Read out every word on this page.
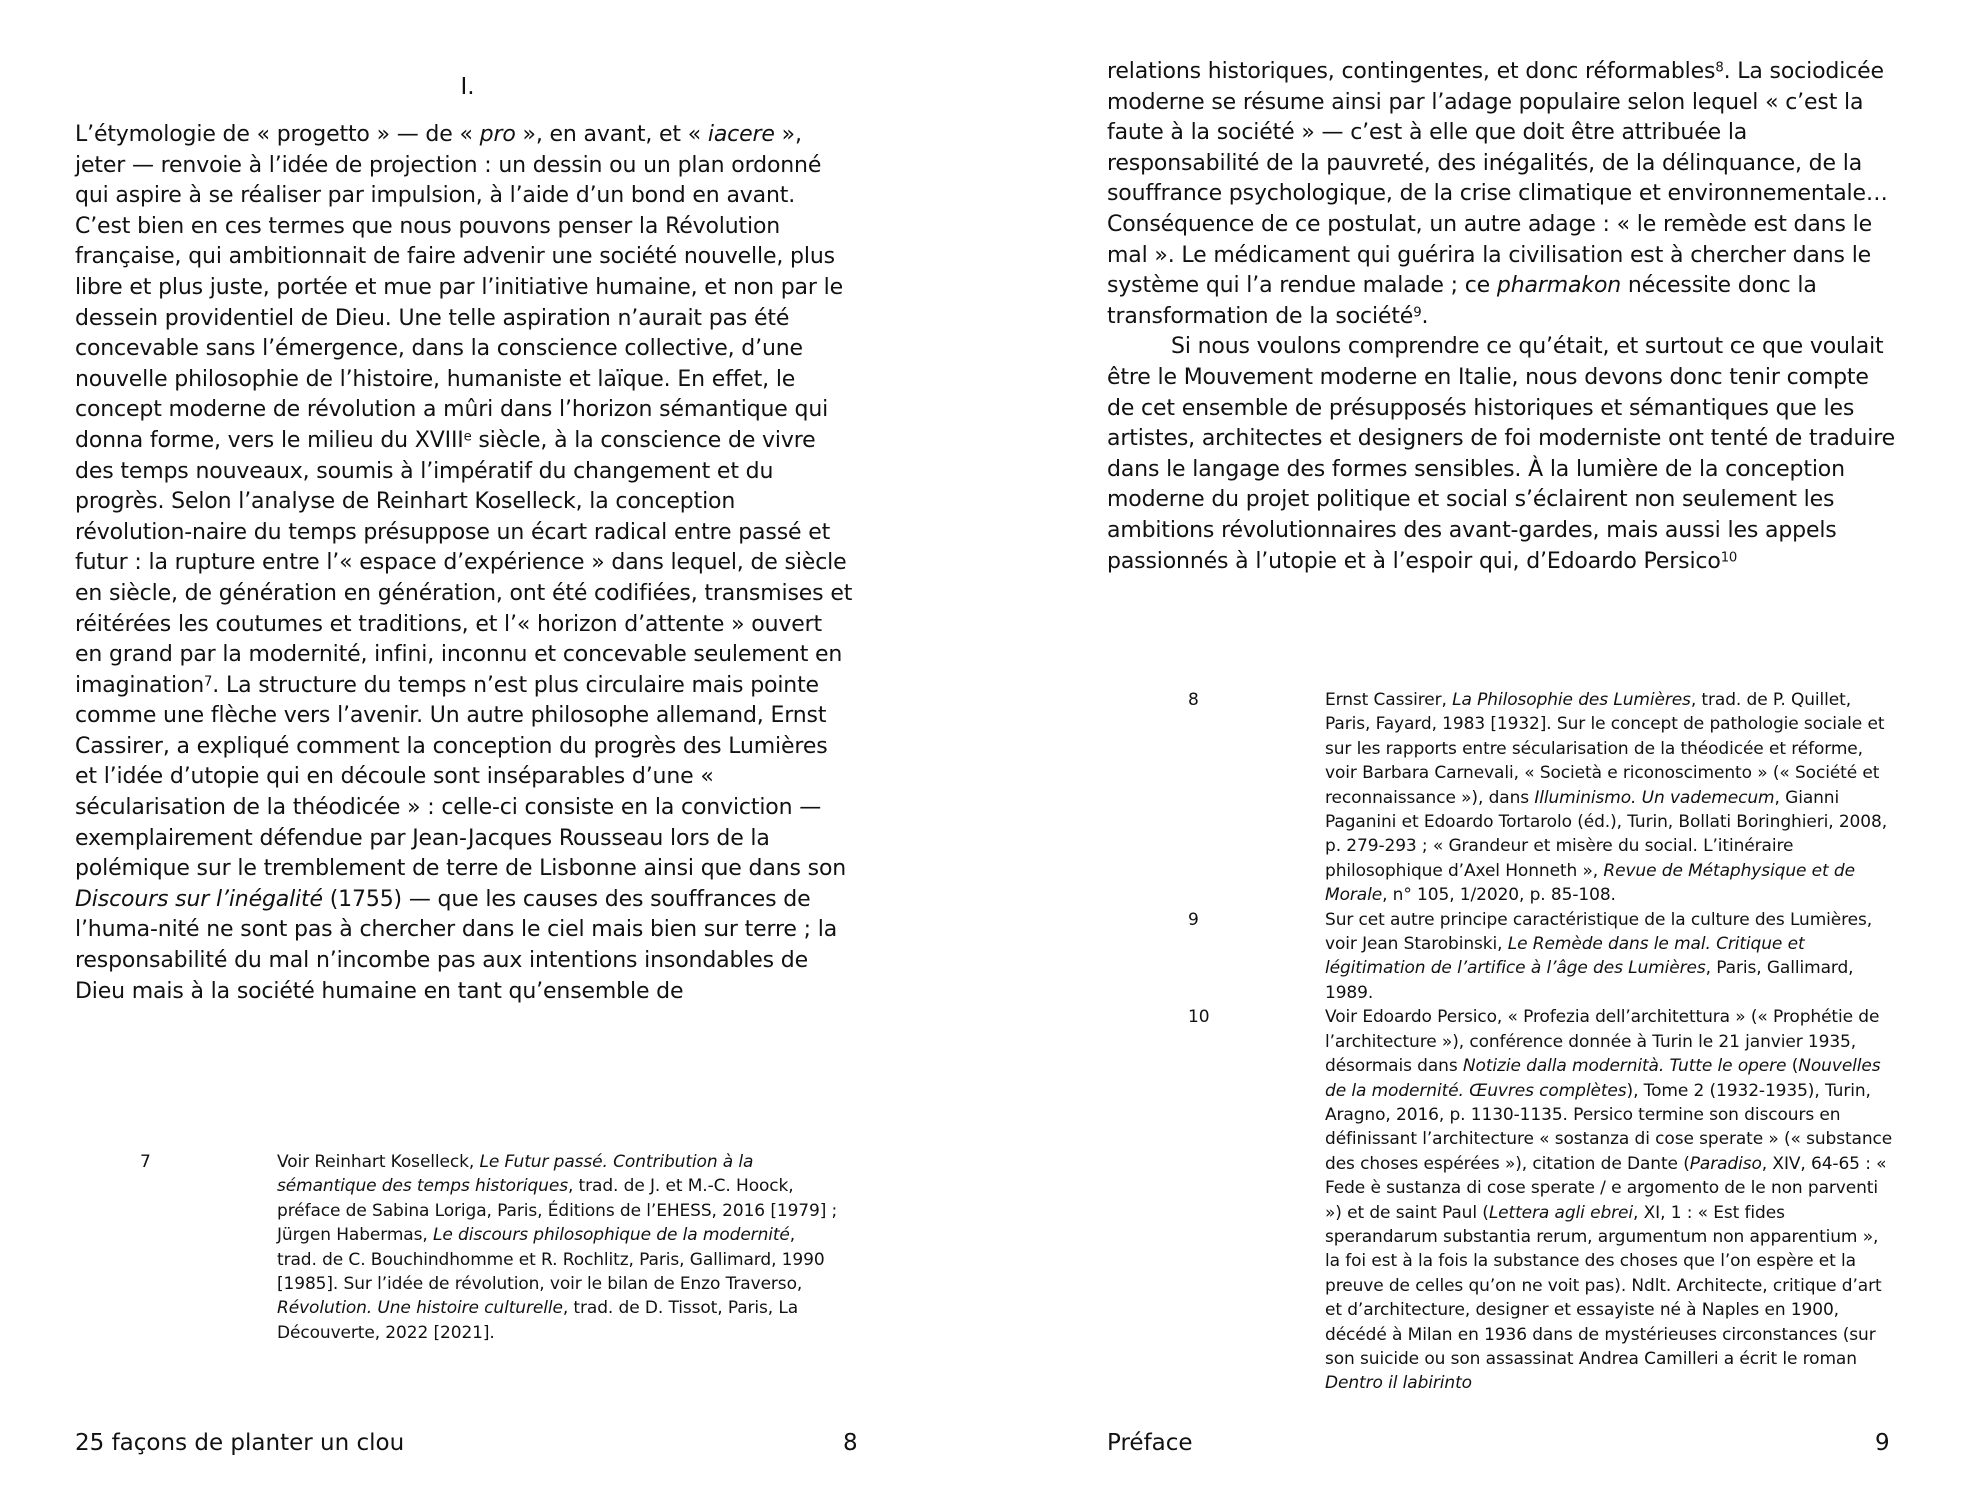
I.

L’étymologie de « progetto » — de « pro », en avant, et « iacere », jeter — renvoie à l’idée de projection : un dessin ou un plan ordonné qui aspire à se réaliser par impulsion, à l’aide d’un bond en avant. C’est bien en ces termes que nous pouvons penser la Révolution française, qui ambitionnait de faire advenir une société nouvelle, plus libre et plus juste, portée et mue par l’initiative humaine, et non par le dessein providentiel de Dieu. Une telle aspiration n’aurait pas été concevable sans l’émergence, dans la conscience collective, d’une nouvelle philosophie de l’histoire, humaniste et laïque. En effet, le concept moderne de révolution a mûri dans l’horizon sémantique qui donna forme, vers le milieu du XVIIIe siècle, à la conscience de vivre des temps nouveaux, soumis à l’impératif du changement et du progrès. Selon l’analyse de Reinhart Koselleck, la conception révolution-naire du temps présuppose un écart radical entre passé et futur : la rupture entre l’« espace d’expérience » dans lequel, de siècle en siècle, de génération en génération, ont été codifiées, transmises et réitérées les coutumes et traditions, et l’« horizon d’attente » ouvert en grand par la modernité, infini, inconnu et concevable seulement en imagination$^7$. La structure du temps n’est plus circulaire mais pointe comme une flèche vers l’avenir. Un autre philosophe allemand, Ernst Cassirer, a expliqué comment la conception du progrès des Lumières et l’idée d’utopie qui en découle sont inséparables d’une « sécularisation de la théodicée » : celle-ci consiste en la conviction — exemplairement défendue par Jean-Jacques Rousseau lors de la polémique sur le tremblement de terre de Lisbonne ainsi que dans son Discours sur l’inégalité (1755) — que les causes des souffrances de l’huma-nité ne sont pas à chercher dans le ciel mais bien sur terre ; la responsabilité du mal n’incombe pas aux intentions insondables de Dieu mais à la société humaine en tant qu’ensemble de

7	Voir Reinhart Koselleck, Le Futur passé. Contribution à la sémantique des temps historiques, trad. de J. et M.-C. Hoock, préface de Sabina Loriga, Paris, Éditions de l’EHESS, 2016 [1979] ; Jürgen Habermas, Le discours philosophique de la modernité, trad. de C. Bouchindhomme et R. Rochlitz, Paris, Gallimard, 1990 [1985]. Sur l’idée de révolution, voir le bilan de Enzo Traverso, Révolution. Une histoire culturelle, trad. de D. Tissot, Paris, La Découverte, 2022 [2021].

25 façons de planter un clou	8

relations historiques, contingentes, et donc réformables$^8$. La sociodicée moderne se résume ainsi par l’adage populaire selon lequel « c’est la faute à la société » — c’est à elle que doit être attribuée la responsabilité de la pauvreté, des inégalités, de la délinquance, de la souffrance psychologique, de la crise climatique et environnementale… Conséquence de ce postulat, un autre adage : « le remède est dans le mal ». Le médicament qui guérira la civilisation est à chercher dans le système qui l’a rendue malade ; ce pharmakon nécessite donc la transformation de la société$^9$.

Si nous voulons comprendre ce qu’était, et surtout ce que voulait être le Mouvement moderne en Italie, nous devons donc tenir compte de cet ensemble de présupposés historiques et sémantiques que les artistes, architectes et designers de foi moderniste ont tenté de traduire dans le langage des formes sensibles. À la lumière de la conception moderne du projet politique et social s’éclairent non seulement les ambitions révolutionnaires des avant-gardes, mais aussi les appels passionnés à l’utopie et à l’espoir qui, d’Edoardo Persico$^{10}$

8	Ernst Cassirer, La Philosophie des Lumières, trad. de P. Quillet, Paris, Fayard, 1983 [1932]. Sur le concept de pathologie sociale et sur les rapports entre sécularisation de la théodicée et réforme, voir Barbara Carnevali, « Società e riconoscimento » (« Société et reconnaissance »), dans Illuminismo. Un vademecum, Gianni Paganini et Edoardo Tortarolo (éd.), Turin, Bollati Boringhieri, 2008, p. 279-293 ; « Grandeur et misère du social. L’itinéraire philosophique d’Axel Honneth », Revue de Métaphysique et de Morale, n° 105, 1/2020, p. 85-108.

9	Sur cet autre principe caractéristique de la culture des Lumières, voir Jean Starobinski, Le Remède dans le mal. Critique et légitimation de l’artifice à l’âge des Lumières, Paris, Gallimard, 1989.

10	Voir Edoardo Persico, « Profezia dell’architettura » (« Prophétie de l’architecture »), conférence donnée à Turin le 21 janvier 1935, désormais dans Notizie dalla modernità. Tutte le opere (Nouvelles de la modernité. Œuvres complètes), Tome 2 (1932-1935), Turin, Aragno, 2016, p. 1130-1135. Persico termine son discours en définissant l’architecture « sostanza di cose sperate » (« substance des choses espérées »), citation de Dante (Paradiso, XIV, 64-65 : « Fede è sustanza di cose sperate / e argomento de le non parventi ») et de saint Paul (Lettera agli ebrei, XI, 1 : « Est fides sperandarum substantia rerum, argumentum non apparentium », la foi est à la fois la substance des choses que l’on espère et la preuve de celles qu’on ne voit pas). Ndlt. Architecte, critique d’art et d’architecture, designer et essayiste né à Naples en 1900, décédé à Milan en 1936 dans de mystérieuses circonstances (sur son suicide ou son assassinat Andrea Camilleri a écrit le roman Dentro il labirinto

Préface	9
